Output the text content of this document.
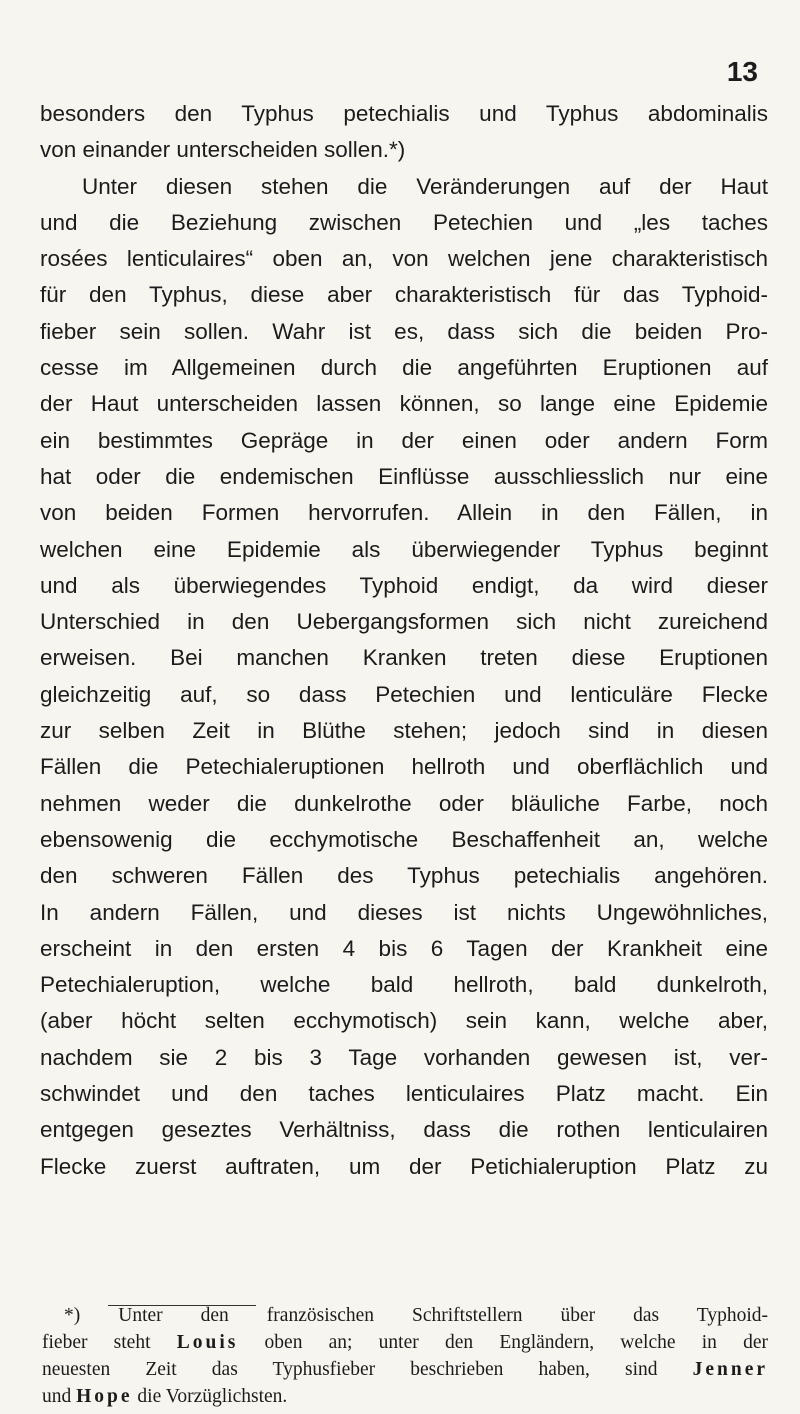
13
besonders den Typhus petechialis und Typhus abdominalis
von einander unterscheiden sollen.*)
Unter diesen stehen die Veränderungen auf der Haut
und die Beziehung zwischen Petechien und „les taches
rosées lenticulaires“ oben an, von welchen jene charakteristisch
für den Typhus, diese aber charakteristisch für das Typhoid-
fieber sein sollen. Wahr ist es, dass sich die beiden Pro-
cesse im Allgemeinen durch die angeführten Eruptionen auf
der Haut unterscheiden lassen können, so lange eine Epidemie
ein bestimmtes Gepräge in der einen oder andern Form
hat oder die endemischen Einflüsse ausschliesslich nur eine
von beiden Formen hervorrufen. Allein in den Fällen, in
welchen eine Epidemie als überwiegender Typhus beginnt
und als überwiegendes Typhoid endigt, da wird dieser
Unterschied in den Uebergangsformen sich nicht zureichend
erweisen. Bei manchen Kranken treten diese Eruptionen
gleichzeitig auf, so dass Petechien und lenticuläre Flecke
zur selben Zeit in Blüthe stehen; jedoch sind in diesen
Fällen die Petechialeruptionen hellroth und oberflächlich und
nehmen weder die dunkelrothe oder bläuliche Farbe, noch
ebensowenig die ecchymotische Beschaffenheit an, welche
den schweren Fällen des Typhus petechialis angehören.
In andern Fällen, und dieses ist nichts Ungewöhnliches,
erscheint in den ersten 4 bis 6 Tagen der Krankheit eine
Petechialeruption, welche bald hellroth, bald dunkelroth,
(aber höcht selten ecchymotisch) sein kann, welche aber,
nachdem sie 2 bis 3 Tage vorhanden gewesen ist, ver-
schwindet und den taches lenticulaires Platz macht. Ein
entgegen geseztes Verhältniss, dass die rothen lenticulairen
Flecke zuerst auftraten, um der Petichialeruption Platz zu
*) Unter den französischen Schriftstellern über das Typhoid-
fieber steht Louis oben an; unter den Engländern, welche in der
neuesten Zeit das Typhusfieber beschrieben haben, sind Jenner
und Hope die Vorzüglichsten.
